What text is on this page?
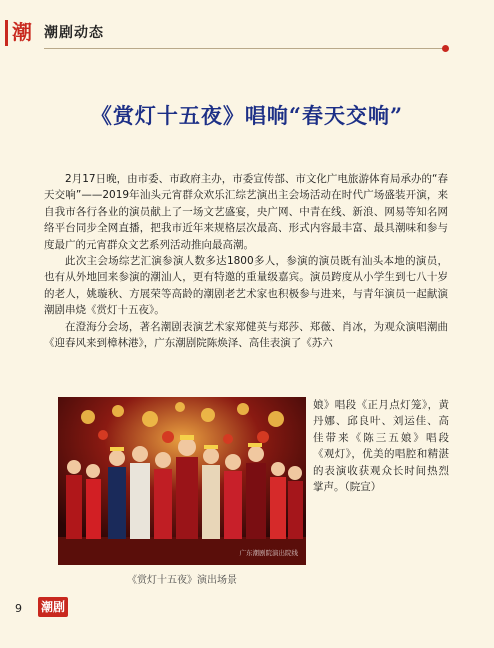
潮 潮剧动态
《赏灯十五夜》唱响“春天交响”

2月17日晚，由市委、市政府主办，市委宣传部、市文化广电旅游体育局承办的“春天交响”——2019年汕头元宵群众欢乐汇综艺演出主会场活动在时代广场盛装开演，来自我市各行各业的演员献上了一场文艺盛宴，央广网、中青在线、新浪、网易等知名网络平台同步全网直播，把我市近年来规格层次最高、形式内容最丰富、最具潮味和参与度最广的元宵群众文艺系列活动推向最高潮。

此次主会场综艺汇演参演人数多达1800多人，参演的演员既有汕头本地的演员，也有从外地回来参演的潮汕人，更有特邀的重量级嘉宾。演员跨度从小学生到七八十岁的老人，姚璇秋、方展荣等高龄的潮剧老艺术家也积极参与进来，与青年演员一起献演潮剧串烧《赏灯十五夜》。

在澄海分会场，著名潮剧表演艺术家郑健英与郑莎、郑薇、肖冰，为观众演唱潮曲《迎春风来到樟林港》，广东潮剧院陈焕泽、高佳表演了《苏六

广东潮剧院演出院线
娘》唱段《正月点灯笼》，黄丹娜、邱良叶、刘运佳、高佳带来《陈三五娘》唱段《观灯》，优美的唱腔和精湛的表演收获观众长时间热烈掌声。（院宣）
《赏灯十五夜》演出场景
9 潮剧
